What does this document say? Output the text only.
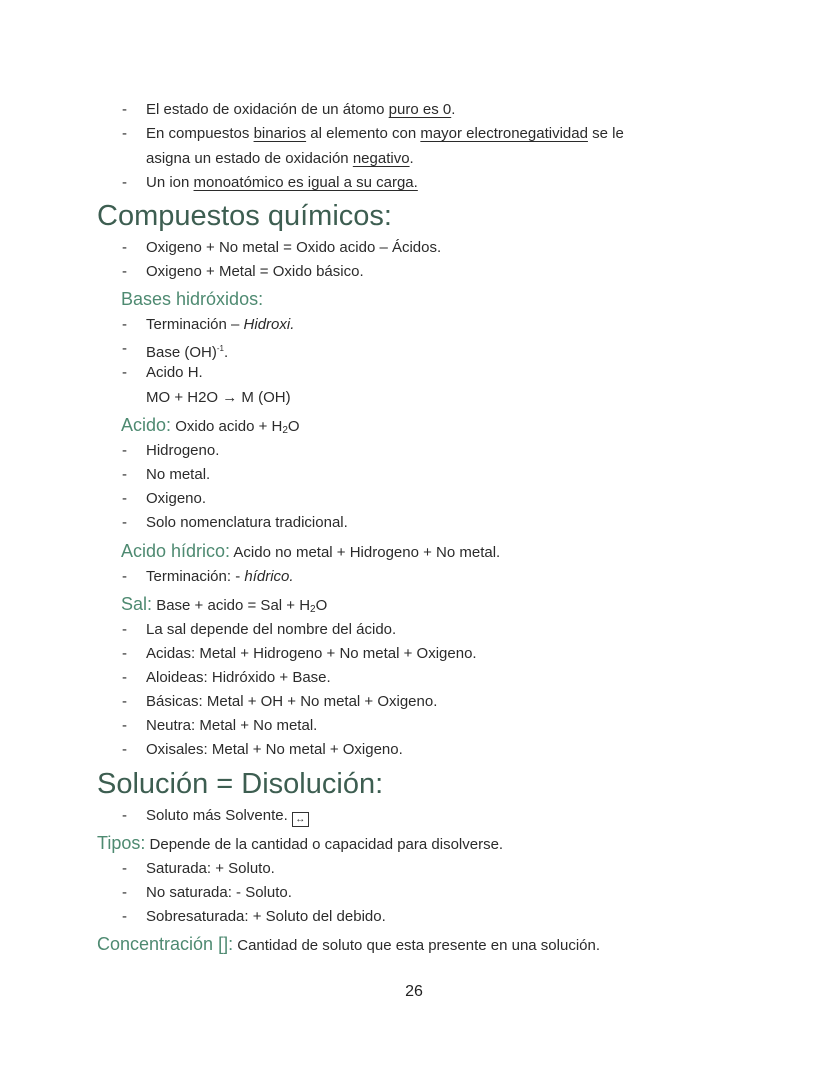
- El estado de oxidación de un átomo puro es 0.
- En compuestos binarios al elemento con mayor electronegatividad se le
asigna un estado de oxidación negativo.
- Un ion monoatómico es igual a su carga.
Compuestos químicos:
- Oxigeno + No metal = Oxido acido – Ácidos.
- Oxigeno + Metal = Oxido básico.
Bases hidróxidos:
- Terminación – Hidroxi.
- Base (OH)$^{-1}$.
- Acido H.
MO + H2O → M (OH)
Acido: Oxido acido + $H_2O$
- Hidrogeno.
- No metal.
- Oxigeno.
- Solo nomenclatura tradicional.
Acido hídrico: Acido no metal + Hidrogeno + No metal.
- Terminación: - hídrico.
Sal: Base + acido = Sal + $H_2O$
- La sal depende del nombre del ácido.
- Acidas: Metal + Hidrogeno + No metal + Oxigeno.
- Aloideas: Hidróxido + Base.
- Básicas: Metal + OH + No metal + Oxigeno.
- Neutra: Metal + No metal.
- Oxisales: Metal + No metal + Oxigeno.
Solución = Disolución:
- Soluto más Solvente. ↔
Tipos: Depende de la cantidad o capacidad para disolverse.
- Saturada: + Soluto.
- No saturada: - Soluto.
- Sobresaturada: + Soluto del debido.
Concentración []: Cantidad de soluto que esta presente en una solución.
26
